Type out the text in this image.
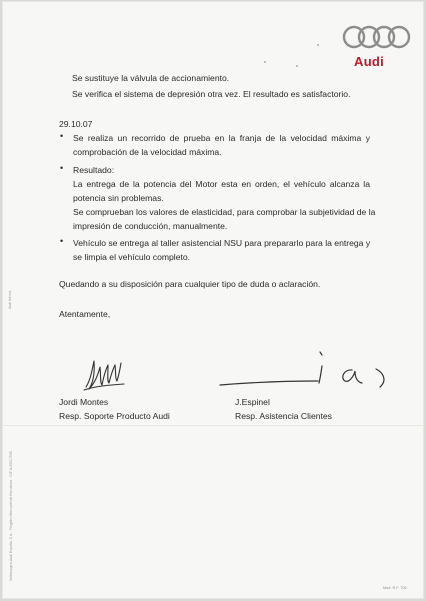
Audi
Se sustituye la válvula de accionamiento.
Se verifica el sistema de depresión otra vez. El resultado es satisfactorio.
29.10.07
• Se realiza un recorrido de prueba en la franja de la velocidad máxima y
comprobación de la velocidad máxima.
• Resultado:
La entrega de la potencia del Motor esta en orden, el vehículo alcanza la
potencia sin problemas.
Se comprueban los valores de elasticidad, para comprobar la subjetividad de la
impresión de conducción, manualmente.
• Vehículo se entrega al taller asistencial NSU para prepararlo para la entrega y
se limpia el vehículo completo.
Quedando a su disposición para cualquier tipo de duda o aclaración.
Atentamente,
Jordi Montes
Resp. Soporte Producto Audi
J.Espinel
Resp. Asistencia Clientes
Audi Ibérica
Volkswagen-Audi España, S.A. · Registro Mercantil de Barcelona · CIF A-08017535
Mod. R.F. 706
